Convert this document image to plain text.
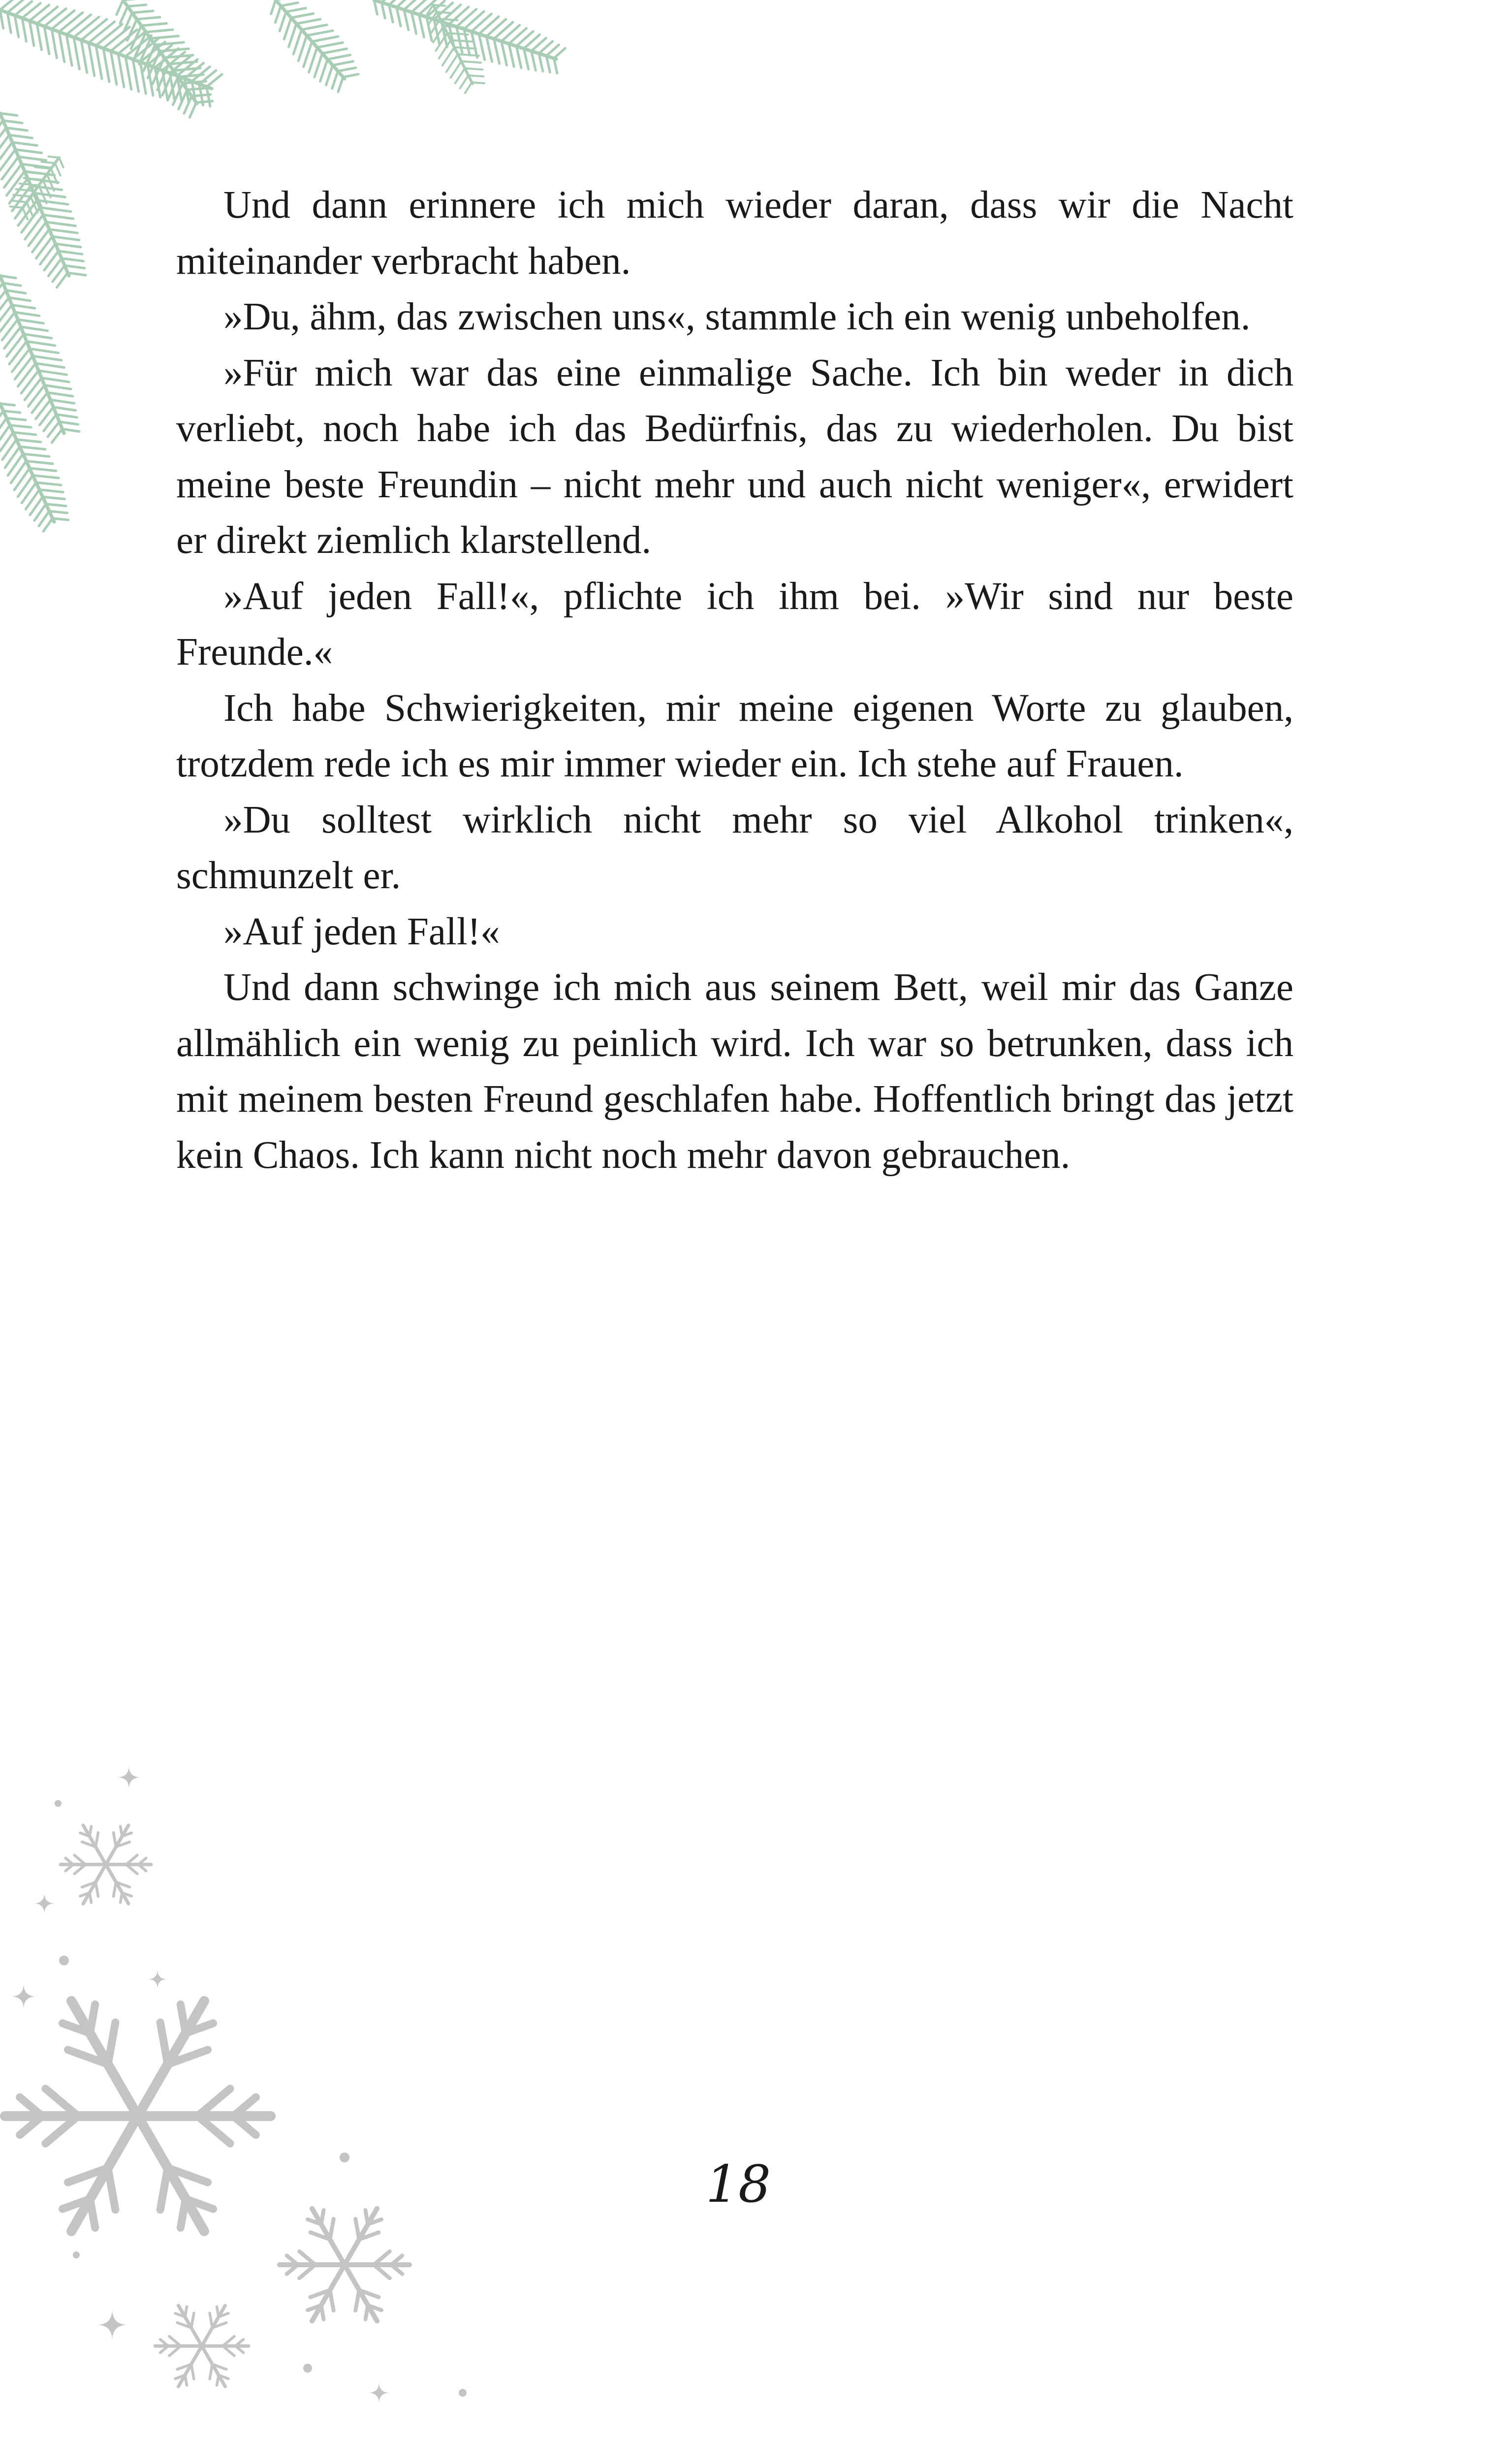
Und dann erinnere ich mich wieder daran, dass wir die Nacht miteinander verbracht haben.

»Du, ähm, das zwischen uns«, stammle ich ein wenig unbeholfen.

»Für mich war das eine einmalige Sache. Ich bin weder in dich verliebt, noch habe ich das Bedürfnis, das zu wiederholen. Du bist meine beste Freundin – nicht mehr und auch nicht weniger«, erwidert er direkt ziemlich klarstellend.

»Auf jeden Fall!«, pflichte ich ihm bei. »Wir sind nur beste Freunde.«

Ich habe Schwierigkeiten, mir meine eigenen Worte zu glauben, trotzdem rede ich es mir immer wieder ein. Ich stehe auf Frauen.

»Du solltest wirklich nicht mehr so viel Alkohol trinken«, schmunzelt er.

»Auf jeden Fall!«

Und dann schwinge ich mich aus seinem Bett, weil mir das Ganze allmählich ein wenig zu peinlich wird. Ich war so betrunken, dass ich mit meinem besten Freund geschlafen habe. Hoffentlich bringt das jetzt kein Chaos. Ich kann nicht noch mehr davon gebrauchen.

18
